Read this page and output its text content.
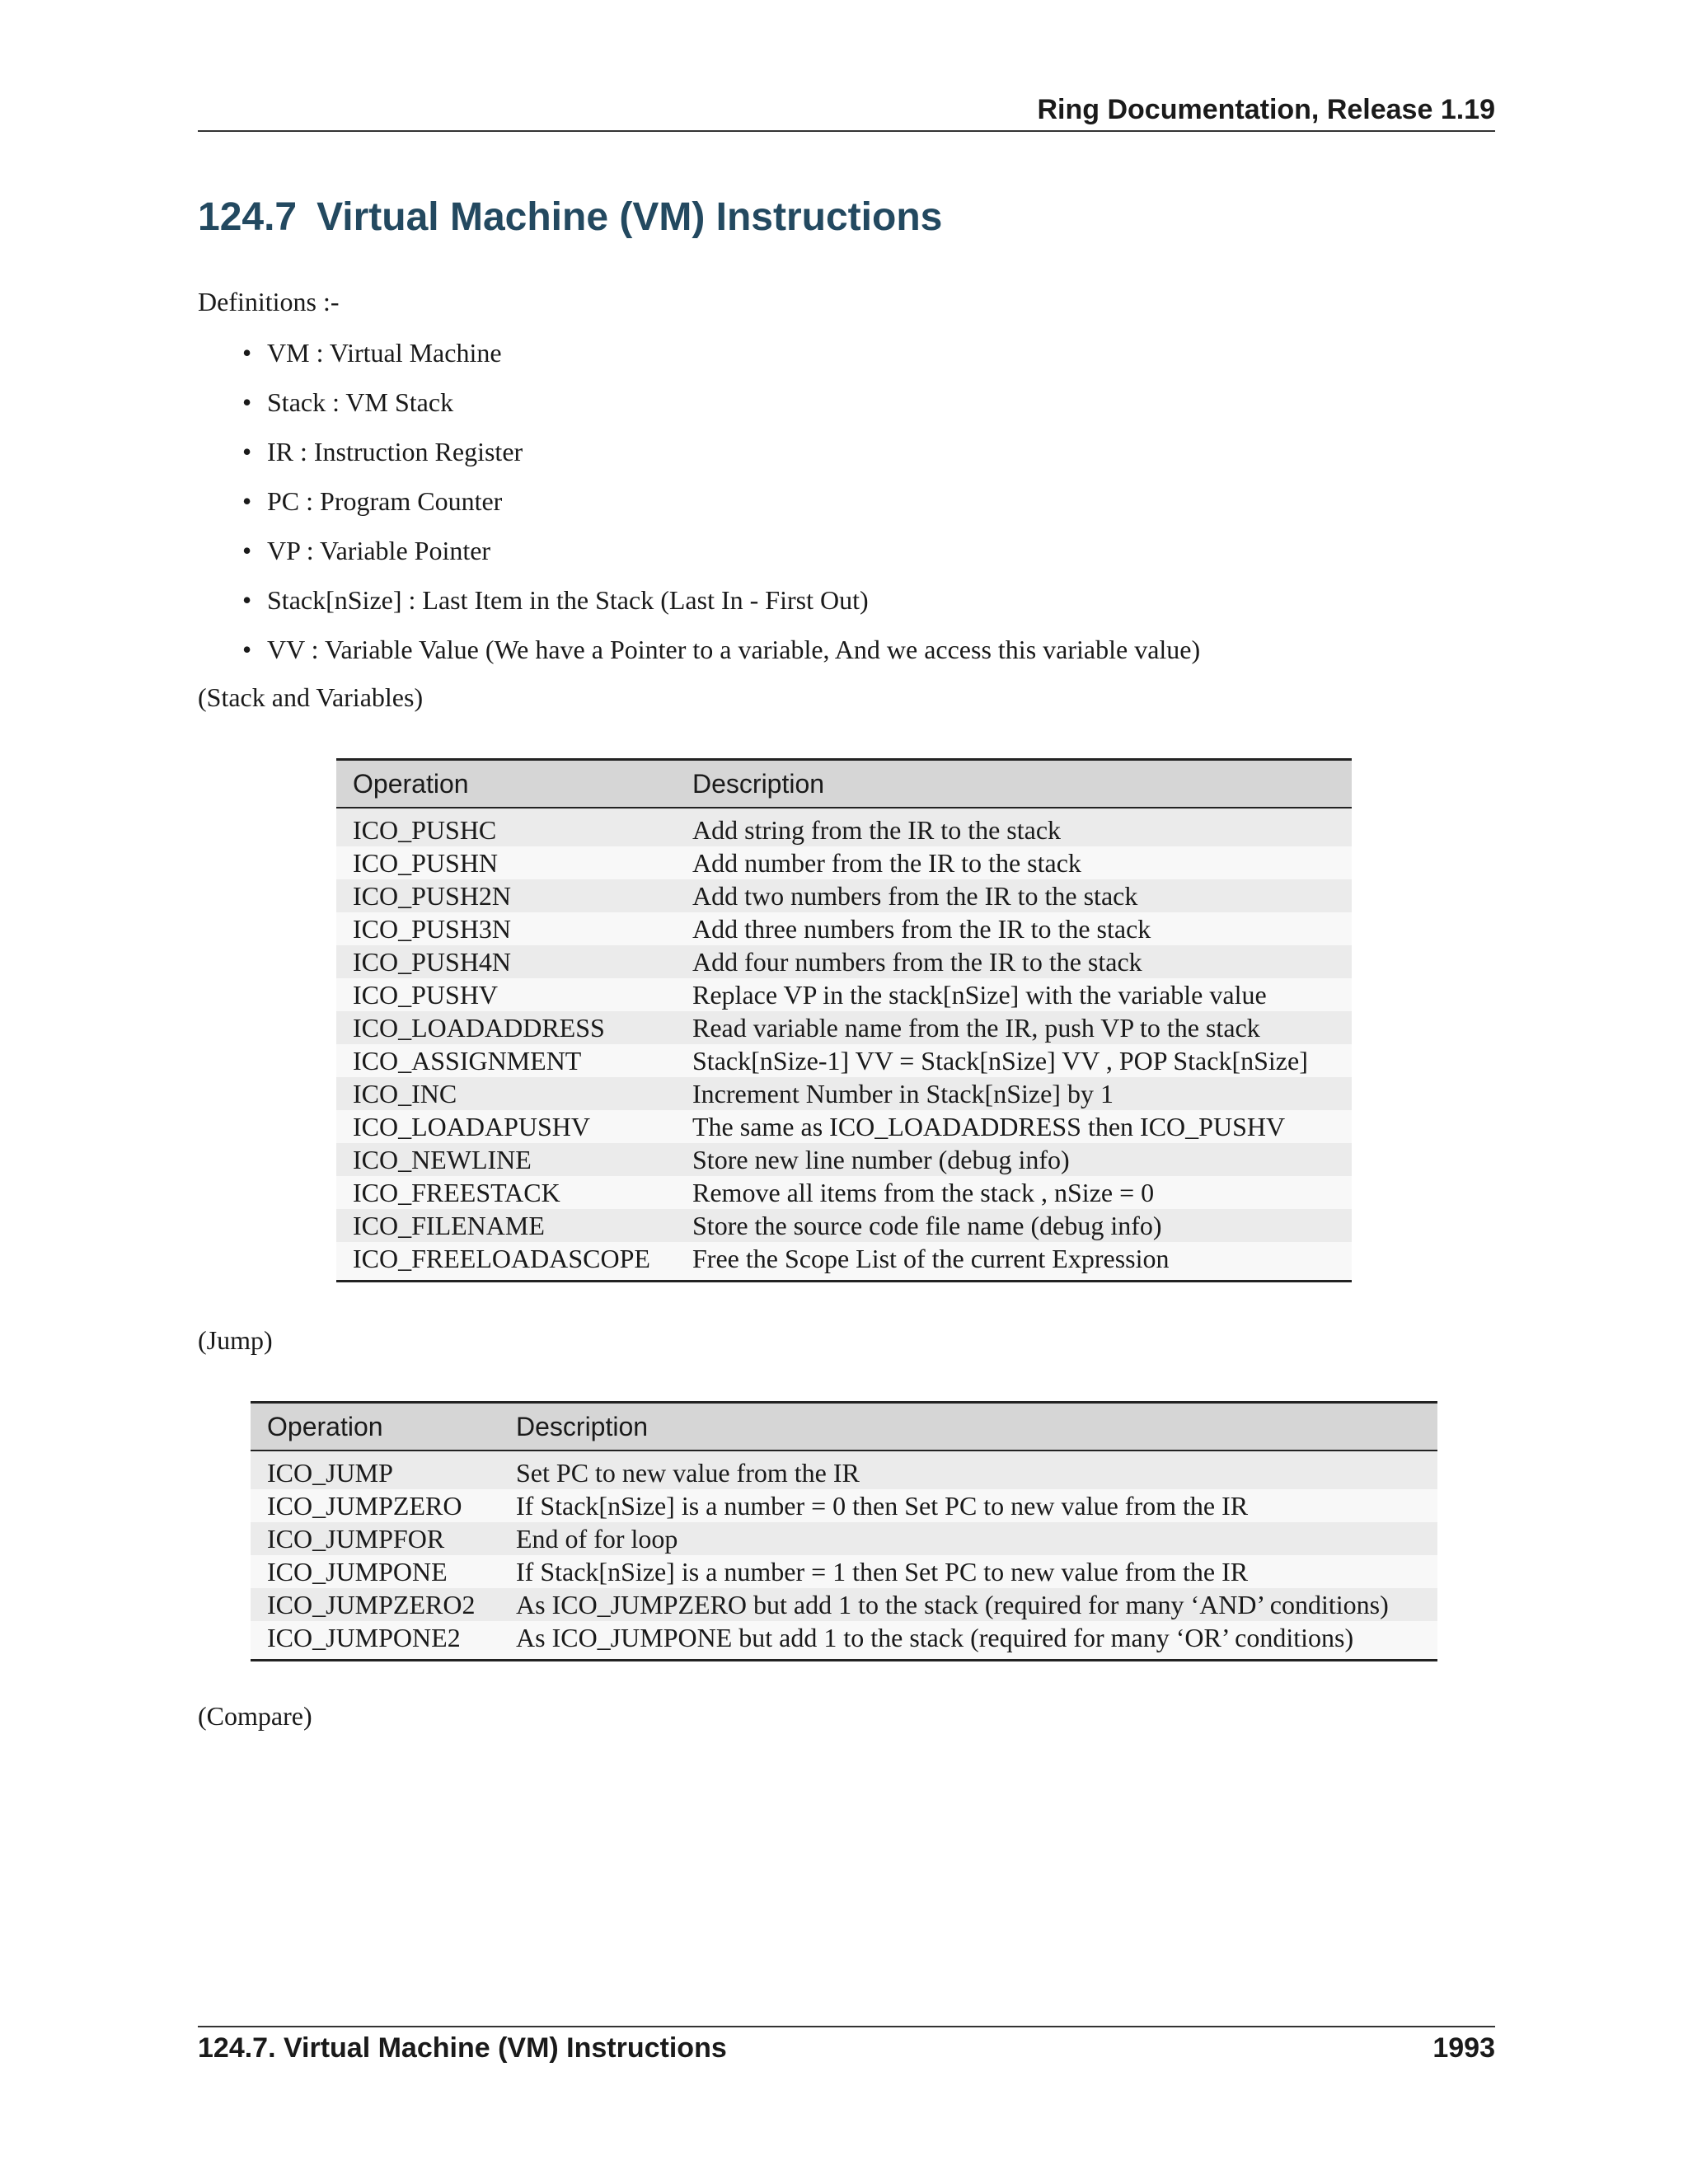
Ring Documentation, Release 1.19
124.7 Virtual Machine (VM) Instructions

Definitions :-

• VM : Virtual Machine
• Stack : VM Stack
• IR : Instruction Register
• PC : Program Counter
• VP : Variable Pointer
• Stack[nSize] : Last Item in the Stack (Last In - First Out)
• VV : Variable Value (We have a Pointer to a variable, And we access this variable value)

(Stack and Variables)

Operation	Description
ICO_PUSHC	Add string from the IR to the stack
ICO_PUSHN	Add number from the IR to the stack
ICO_PUSH2N	Add two numbers from the IR to the stack
ICO_PUSH3N	Add three numbers from the IR to the stack
ICO_PUSH4N	Add four numbers from the IR to the stack
ICO_PUSHV	Replace VP in the stack[nSize] with the variable value
ICO_LOADADDRESS	Read variable name from the IR, push VP to the stack
ICO_ASSIGNMENT	Stack[nSize-1] VV = Stack[nSize] VV , POP Stack[nSize]
ICO_INC	Increment Number in Stack[nSize] by 1
ICO_LOADAPUSHV	The same as ICO_LOADADDRESS then ICO_PUSHV
ICO_NEWLINE	Store new line number (debug info)
ICO_FREESTACK	Remove all items from the stack , nSize = 0
ICO_FILENAME	Store the source code file name (debug info)
ICO_FREELOADASCOPE	Free the Scope List of the current Expression

(Jump)

Operation	Description
ICO_JUMP	Set PC to new value from the IR
ICO_JUMPZERO	If Stack[nSize] is a number = 0 then Set PC to new value from the IR
ICO_JUMPFOR	End of for loop
ICO_JUMPONE	If Stack[nSize] is a number = 1 then Set PC to new value from the IR
ICO_JUMPZERO2	As ICO_JUMPZERO but add 1 to the stack (required for many ‘AND’ conditions)
ICO_JUMPONE2	As ICO_JUMPONE but add 1 to the stack (required for many ‘OR’ conditions)

(Compare)

124.7. Virtual Machine (VM) Instructions	1993
